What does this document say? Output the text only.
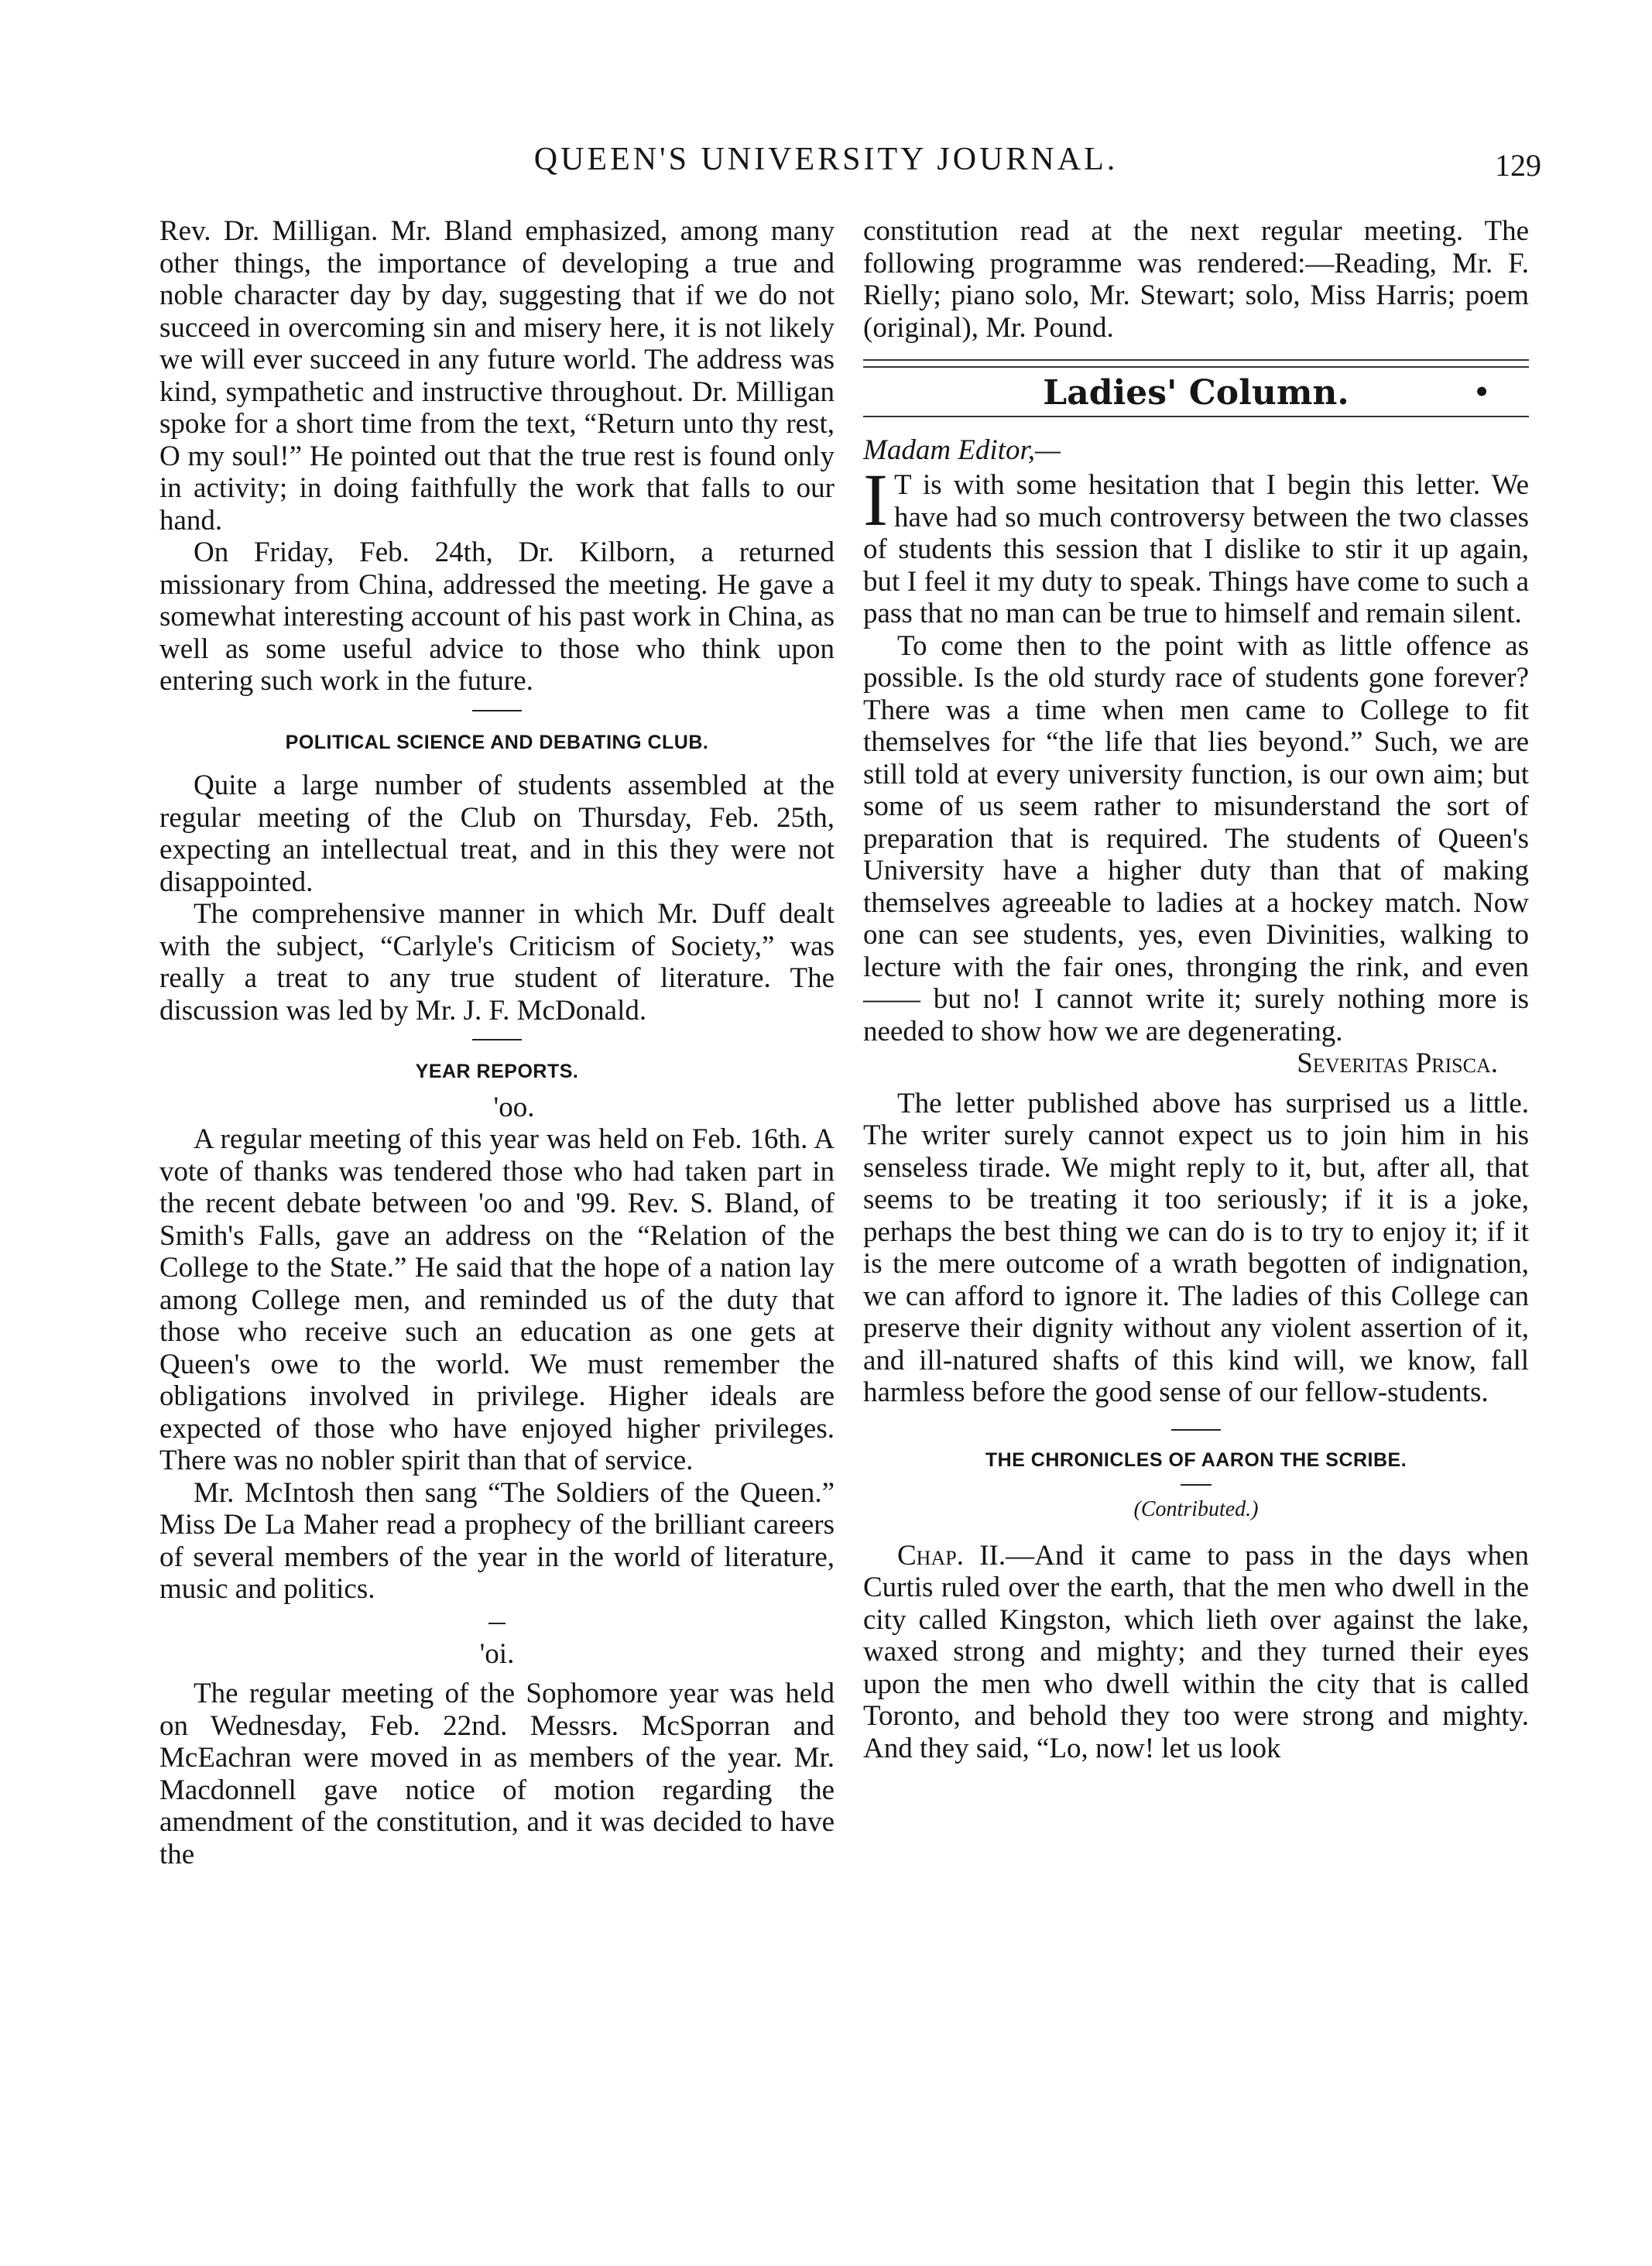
QUEEN'S UNIVERSITY JOURNAL.	129

Rev. Dr. Milligan. Mr. Bland emphasized, among many other things, the importance of developing a true and noble character day by day, suggesting that if we do not succeed in overcoming sin and misery here, it is not likely we will ever succeed in any future world. The address was kind, sympathetic and instructive throughout. Dr. Milligan spoke for a short time from the text, “Return unto thy rest, O my soul!” He pointed out that the true rest is found only in activity; in doing faithfully the work that falls to our hand.

On Friday, Feb. 24th, Dr. Kilborn, a returned missionary from China, addressed the meeting. He gave a somewhat interesting account of his past work in China, as well as some useful advice to those who think upon entering such work in the future.

POLITICAL SCIENCE AND DEBATING CLUB.

Quite a large number of students assembled at the regular meeting of the Club on Thursday, Feb. 25th, expecting an intellectual treat, and in this they were not disappointed.

The comprehensive manner in which Mr. Duff dealt with the subject, “Carlyle's Criticism of Society,” was really a treat to any true student of literature. The discussion was led by Mr. J. F. McDonald.

YEAR REPORTS.

'oo.

A regular meeting of this year was held on Feb. 16th. A vote of thanks was tendered those who had taken part in the recent debate between 'oo and '99. Rev. S. Bland, of Smith's Falls, gave an address on the “Relation of the College to the State.” He said that the hope of a nation lay among College men, and reminded us of the duty that those who receive such an education as one gets at Queen's owe to the world. We must remember the obligations involved in privilege. Higher ideals are expected of those who have enjoyed higher privileges. There was no nobler spirit than that of service.

Mr. McIntosh then sang “The Soldiers of the Queen.” Miss De La Maher read a prophecy of the brilliant careers of several members of the year in the world of literature, music and politics.

'oi.

The regular meeting of the Sophomore year was held on Wednesday, Feb. 22nd. Messrs. McSporran and McEachran were moved in as members of the year. Mr. Macdonnell gave notice of motion regarding the amendment of the constitution, and it was decided to have the

constitution read at the next regular meeting. The following programme was rendered:—Reading, Mr. F. Rielly; piano solo, Mr. Stewart; solo, Miss Harris; poem (original), Mr. Pound.

Ladies' Column.	•

Madam Editor,—

I T is with some hesitation that I begin this letter. We have had so much controversy between the two classes of students this session that I dislike to stir it up again, but I feel it my duty to speak. Things have come to such a pass that no man can be true to himself and remain silent.

To come then to the point with as little offence as possible. Is the old sturdy race of students gone forever? There was a time when men came to College to fit themselves for “the life that lies beyond.” Such, we are still told at every university function, is our own aim; but some of us seem rather to misunderstand the sort of preparation that is required. The students of Queen's University have a higher duty than that of making themselves agreeable to ladies at a hockey match. Now one can see students, yes, even Divinities, walking to lecture with the fair ones, thronging the rink, and even—— but no! I cannot write it; surely nothing more is needed to show how we are degenerating.

Severitas Prisca.

The letter published above has surprised us a little. The writer surely cannot expect us to join him in his senseless tirade. We might reply to it, but, after all, that seems to be treating it too seriously; if it is a joke, perhaps the best thing we can do is to try to enjoy it; if it is the mere outcome of a wrath begotten of indignation, we can afford to ignore it. The ladies of this College can preserve their dignity without any violent assertion of it, and ill-natured shafts of this kind will, we know, fall harmless before the good sense of our fellow-students.

THE CHRONICLES OF AARON THE SCRIBE.

(Contributed.)

Chap. II.—And it came to pass in the days when Curtis ruled over the earth, that the men who dwell in the city called Kingston, which lieth over against the lake, waxed strong and mighty; and they turned their eyes upon the men who dwell within the city that is called Toronto, and behold they too were strong and mighty. And they said, “Lo, now! let us look
